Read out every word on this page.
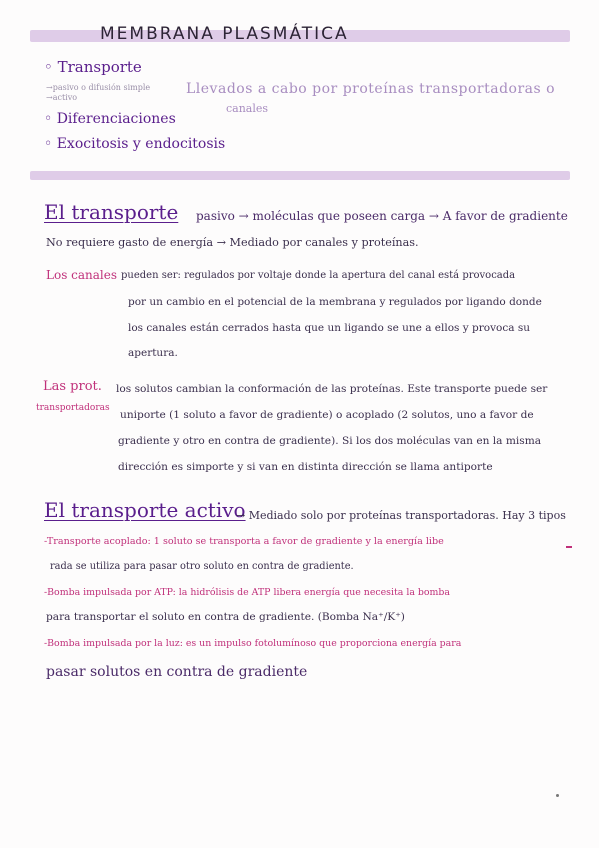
MEMBRANA PLASMÁTICA
◦ Transporte
→pasivo o difusión simple
→activo
Llevados a cabo por proteínas transportadoras o
canales
◦ Diferenciaciones
◦ Exocitosis y endocitosis
El transporte pasivo → moléculas que poseen carga → A favor de gradiente
No requiere gasto de energía → Mediado por canales y proteínas.
Los canales pueden ser: regulados por voltaje donde la apertura del canal está provocada
por un cambio en el potencial de la membrana y regulados por ligando donde
los canales están cerrados hasta que un ligando se une a ellos y provoca su
apertura.
Las prot.
transportadoras
los solutos cambian la conformación de las proteínas. Este transporte puede ser
uniporte (1 soluto a favor de gradiente) o acoplado (2 solutos, uno a favor de
gradiente y otro en contra de gradiente). Si los dos moléculas van en la misma
dirección es simporte y si van en distinta dirección se llama antiporte
El transporte activo
→ Mediado solo por proteínas transportadoras. Hay 3 tipos
-Transporte acoplado: 1 soluto se transporta a favor de gradiente y la energía libe
rada se utiliza para pasar otro soluto en contra de gradiente.
-Bomba impulsada por ATP: la hidrólisis de ATP libera energía que necesita la bomba
para transportar el soluto en contra de gradiente. (Bomba Na⁺/K⁺)
-Bomba impulsada por la luz: es un impulso fotolumínoso que proporciona energía para
pasar solutos en contra de gradiente
